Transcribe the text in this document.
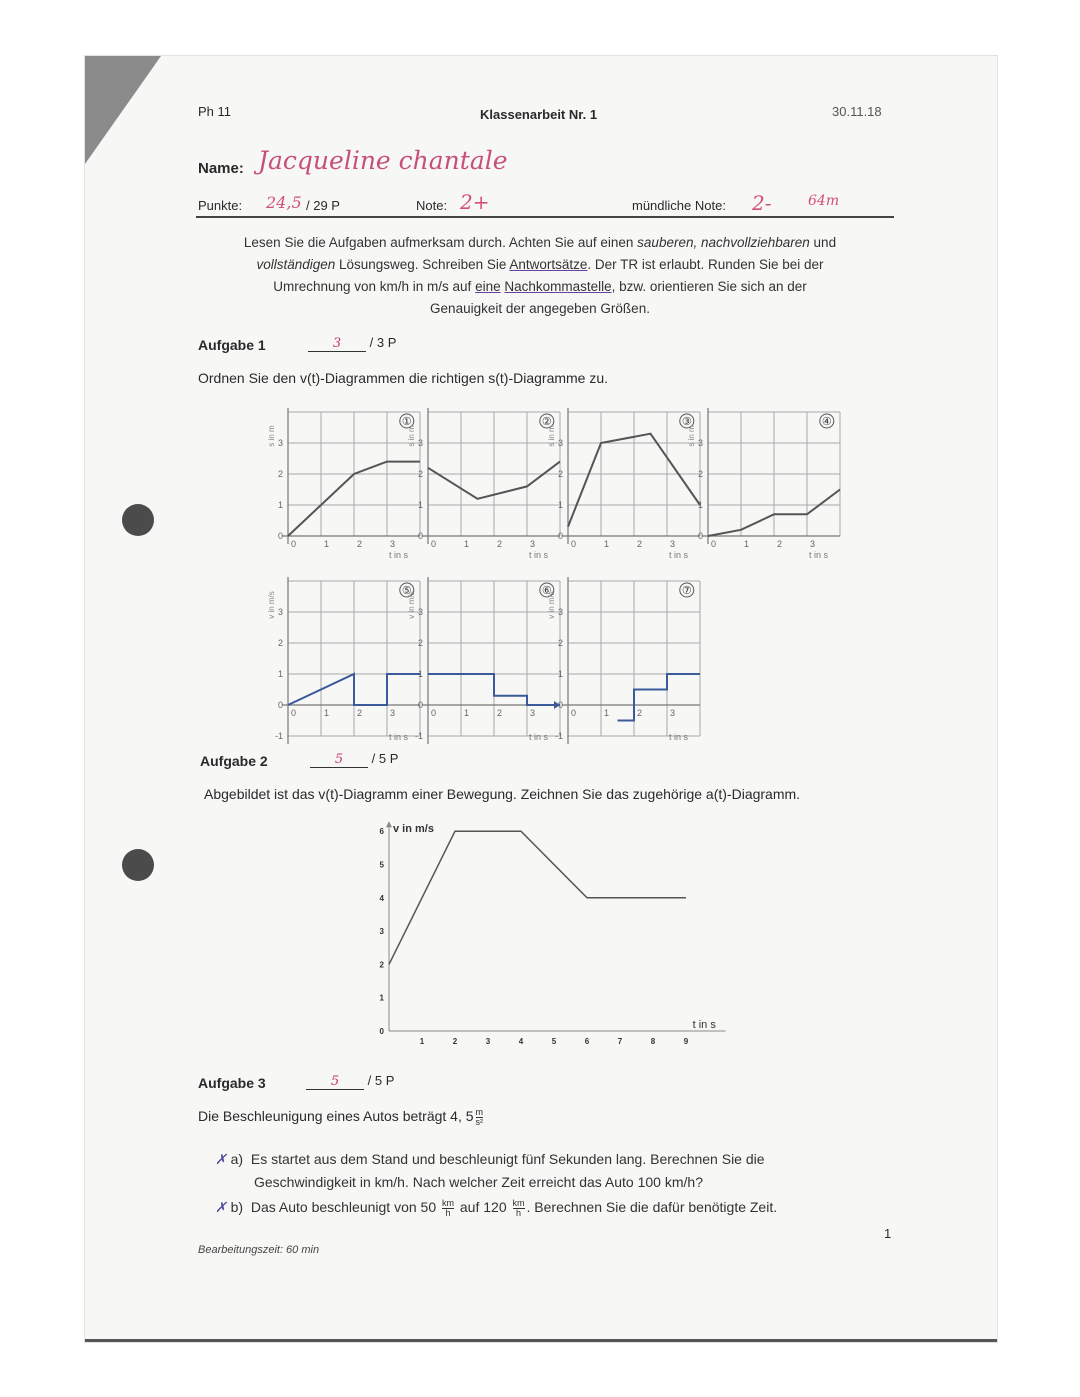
Ph 11	Klassenarbeit Nr. 1	30.11.18
Name: Jacqueline chantale
Punkte: 24,5 / 29 P	Note: 2+	mündliche Note: 2-	64m
Lesen Sie die Aufgaben aufmerksam durch. Achten Sie auf einen sauberen, nachvollziehbaren und
vollständigen Lösungsweg. Schreiben Sie Antwortsätze. Der TR ist erlaubt. Runden Sie bei der
Umrechnung von km/h in m/s auf eine Nachkommastelle, bzw. orientieren Sie sich an der
Genauigkeit der angegeben Größen.
Aufgabe 1	3 / 3 P
Ordnen Sie den v(t)-Diagrammen die richtigen s(t)-Diagramme zu.
s in m
0
1
2
3
0	1	2	3
t in s
①
s in m
0
1
2
3
0	1	2	3
t in s
②
s in m
0
1
2
3
0	1	2	3
t in s
③
s in m
0
1
2
3
0	1	2	3
t in s
④
v in m/s
-1
0
1
2
3
0	1	2	3
t in s
⑤
v in m/s
-1
0
1
2
3
0	1	2	3
t in s
⑥
v in m/s
-1
0
1
2
3
0	1	2	3
t in s
⑦
Aufgabe 2	5 / 5 P
Abgebildet ist das v(t)-Diagramm einer Bewegung. Zeichnen Sie das zugehörige a(t)-Diagramm.
v in m/s
t in s
0
1
2
3
4
5
6
1	2	3	4	5	6	7	8	9
Aufgabe 3	5 / 5 P
Die Beschleunigung eines Autos beträgt 4, $5 \frac{m}{\text{s²}}$
✗ a) Es startet aus dem Stand und beschleunigt fünf Sekunden lang. Berechnen Sie die
Geschwindigkeit in km/h. Nach welcher Zeit erreicht das Auto 100 km/h?
✗ b) Das Auto beschleunigt von $50 \frac{km}{h}$ auf $120 \frac{km}{h}$ . Berechnen Sie die dafür benötigte Zeit.
Bearbeitungszeit: 60 min
1
